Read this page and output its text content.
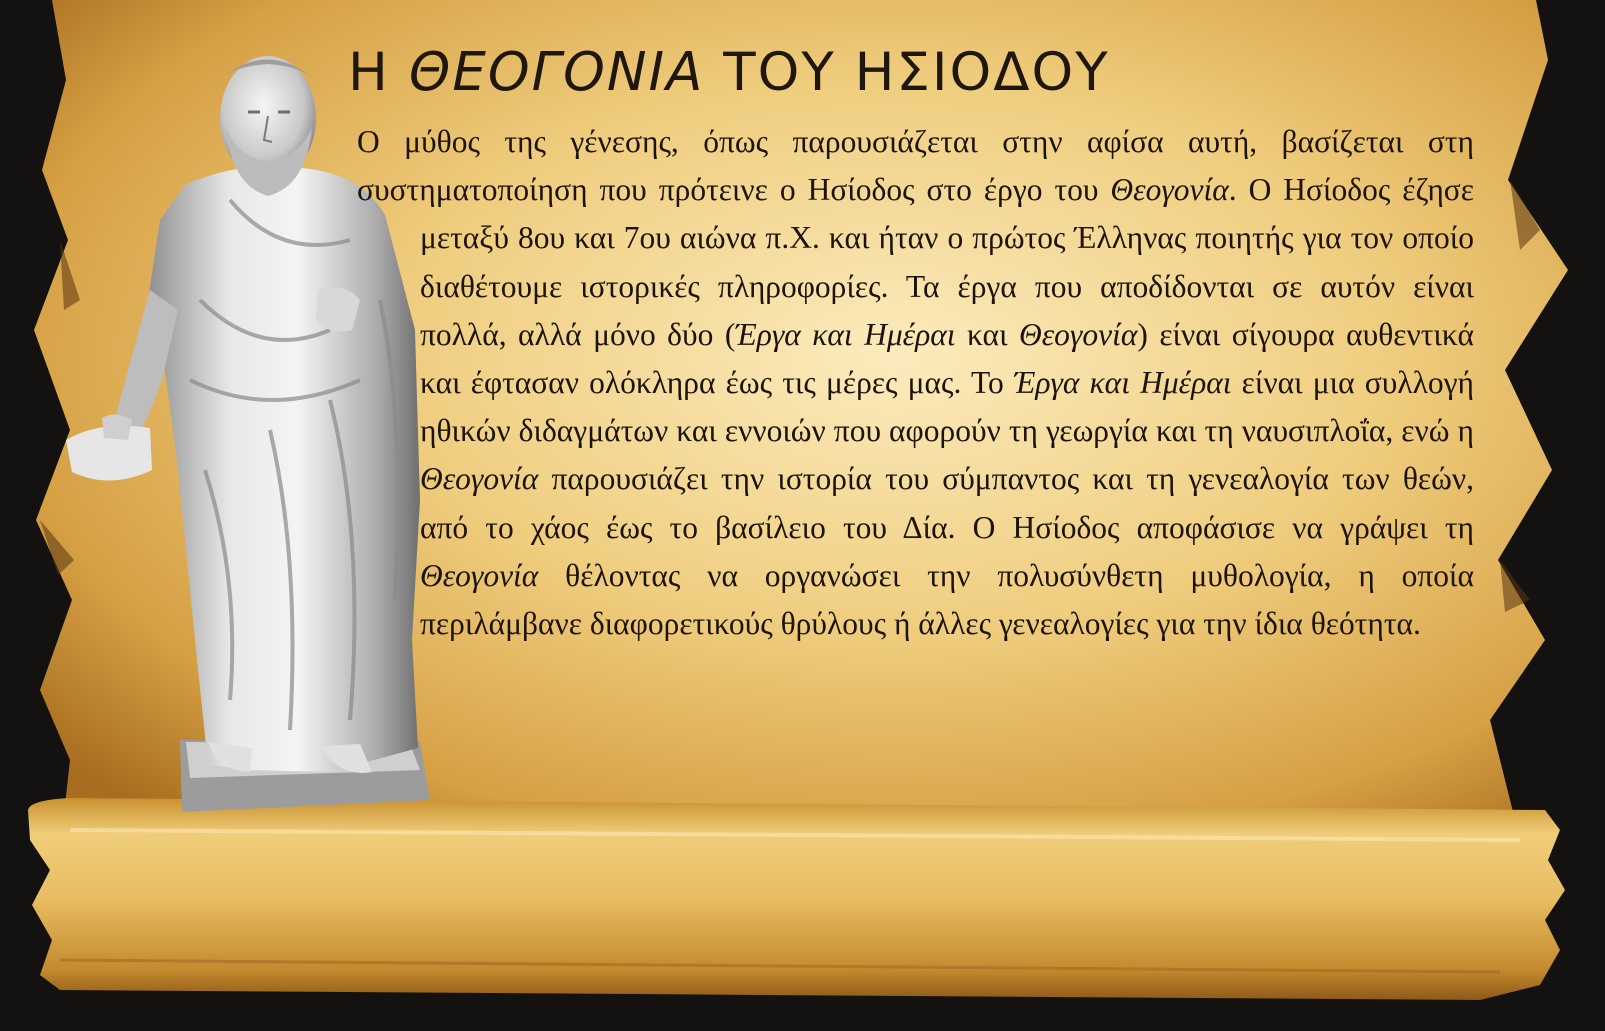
Η ΘΕΟΓΟΝΙΑ ΤΟΥ ΗΣΙΟΔΟΥ

Ο μύθος της γένεσης, όπως παρουσιάζεται στην αφίσα αυτή, βασίζεται στη συστηματοποίηση που πρότεινε ο Ησίοδος στο έργο του Θεογονία. Ο Ησίοδος έζησε μεταξύ 8ου και 7ου αιώνα π.Χ. και ήταν ο πρώτος Έλληνας ποιητής για τον οποίο διαθέτουμε ιστορικές πληροφορίες. Τα έργα που αποδίδονται σε αυτόν είναι πολλά, αλλά μόνο δύο (Έργα και Ημέραι και Θεογονία) είναι σίγουρα αυθεντικά και έφτασαν ολόκληρα έως τις μέρες μας. Το Έργα και Ημέραι είναι μια συλλογή ηθικών διδαγμάτων και εννοιών που αφορούν τη γεωργία και τη ναυσιπλοΐα, ενώ η Θεογονία παρουσιάζει την ιστορία του σύμπαντος και τη γενεαλογία των θεών, από το χάος έως το βασίλειο του Δία. Ο Ησίοδος αποφάσισε να γράψει τη Θεογονία θέλοντας να οργανώσει την πολυσύνθετη μυθολογία, η οποία περιλάμβανε διαφορετικούς θρύλους ή άλλες γενεαλογίες για την ίδια θεότητα.
